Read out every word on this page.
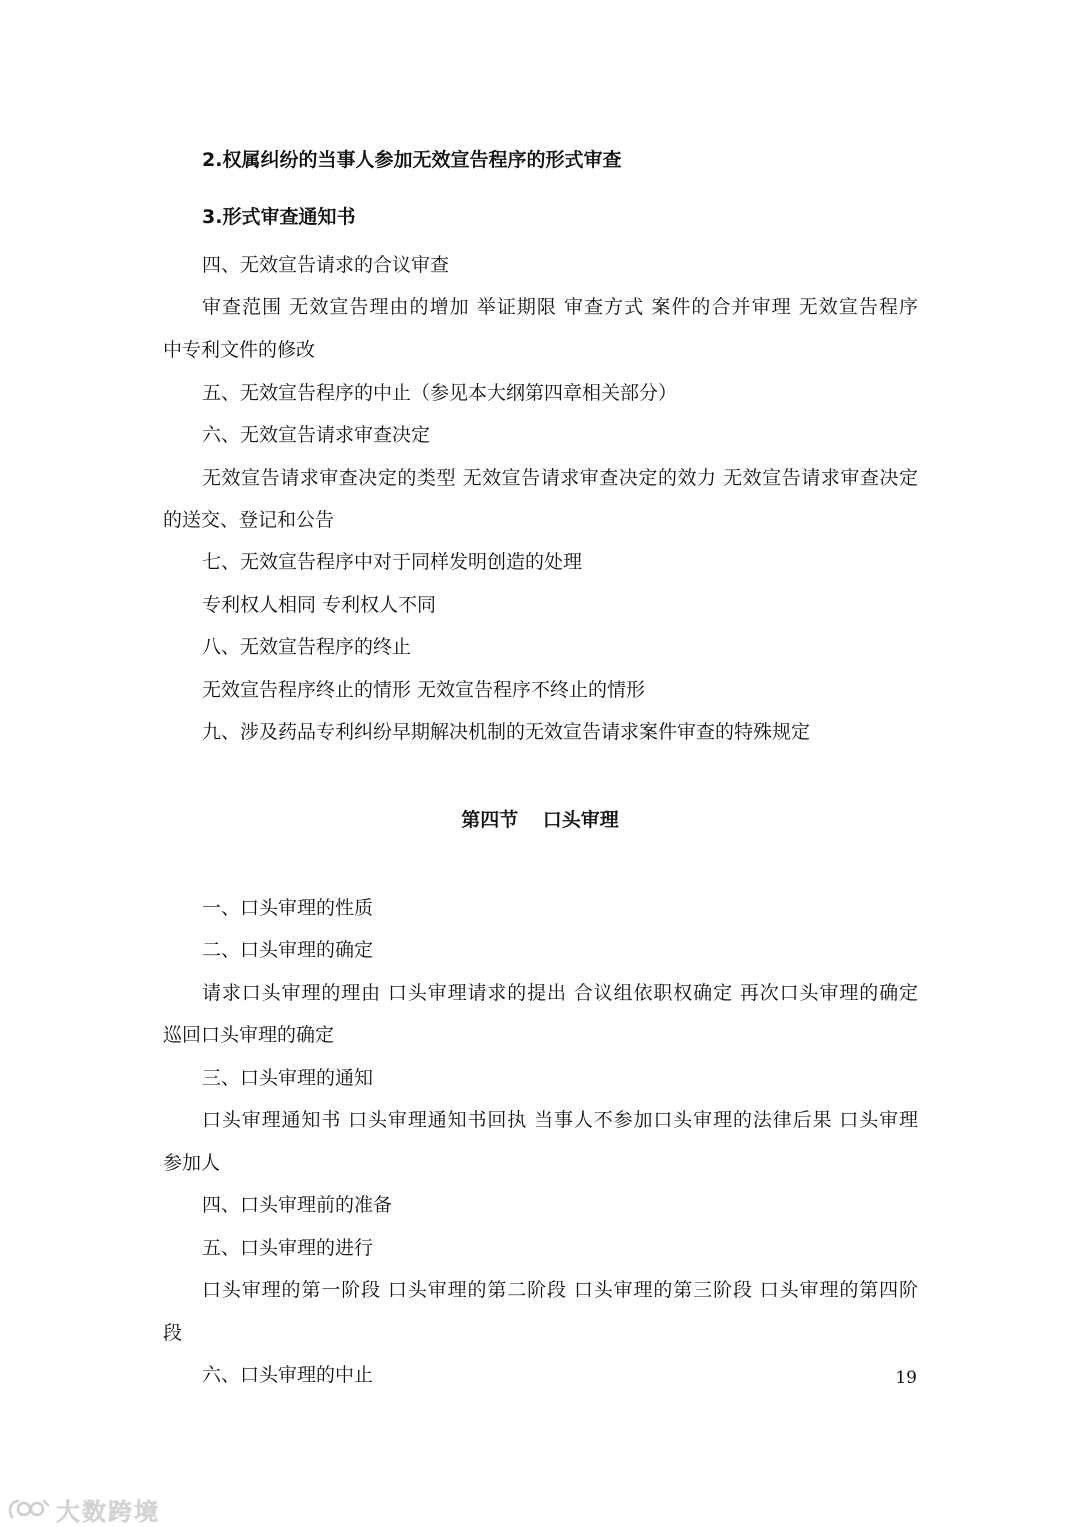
2.权属纠纷的当事人参加无效宣告程序的形式审查
3.形式审查通知书
四、无效宣告请求的合议审查
审查范围 无效宣告理由的增加 举证期限 审查方式 案件的合并审理 无效宣告程序
中专利文件的修改
五、无效宣告程序的中止（参见本大纲第四章相关部分）
六、无效宣告请求审查决定
无效宣告请求审查决定的类型 无效宣告请求审查决定的效力 无效宣告请求审查决定
的送交、登记和公告
七、无效宣告程序中对于同样发明创造的处理
专利权人相同 专利权人不同
八、无效宣告程序的终止
无效宣告程序终止的情形 无效宣告程序不终止的情形
九、涉及药品专利纠纷早期解决机制的无效宣告请求案件审查的特殊规定
第四节 口头审理
一、口头审理的性质
二、口头审理的确定
请求口头审理的理由 口头审理请求的提出 合议组依职权确定 再次口头审理的确定
巡回口头审理的确定
三、口头审理的通知
口头审理通知书 口头审理通知书回执 当事人不参加口头审理的法律后果 口头审理
参加人
四、口头审理前的准备
五、口头审理的进行
口头审理的第一阶段 口头审理的第二阶段 口头审理的第三阶段 口头审理的第四阶
段
六、口头审理的中止	19
大数跨境
